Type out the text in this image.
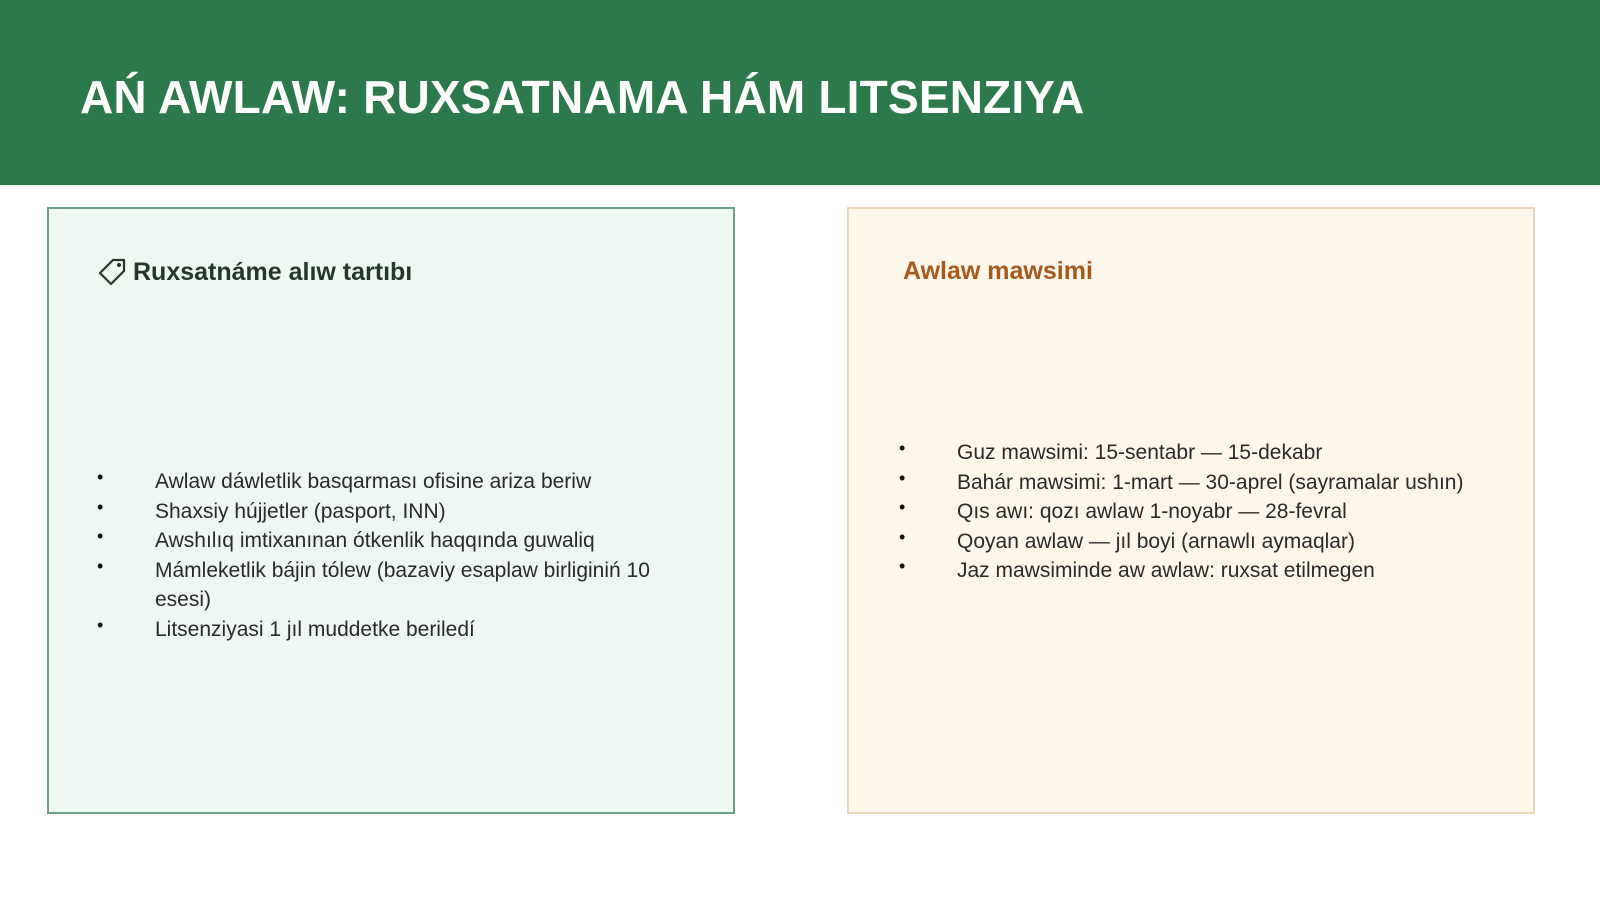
AŃ AWLAW: RUXSATNAMA HÁM LITSENZIYA
Ruxsatnáme alıw tartıbı
• Awlaw dáwletlik basqarması ofisine ariza beriw
• Shaxsiy hújjetler (pasport, INN)
• Awshılıq imtixanınan ótkenlik haqqında guwaliq
• Mámleketlik bájin tólew (bazaviy esaplaw birliginiń 10 esesi)
• Litsenziyasi 1 jıl muddetke beriledí
Awlaw mawsimi
• Guz mawsimi: 15-sentabr — 15-dekabr
• Bahár mawsimi: 1-mart — 30-aprel (sayramalar ushın)
• Qıs awı: qozı awlaw 1-noyabr — 28-fevral
• Qoyan awlaw — jıl boyi (arnawlı aymaqlar)
• Jaz mawsiminde aw awlaw: ruxsat etilmegen
